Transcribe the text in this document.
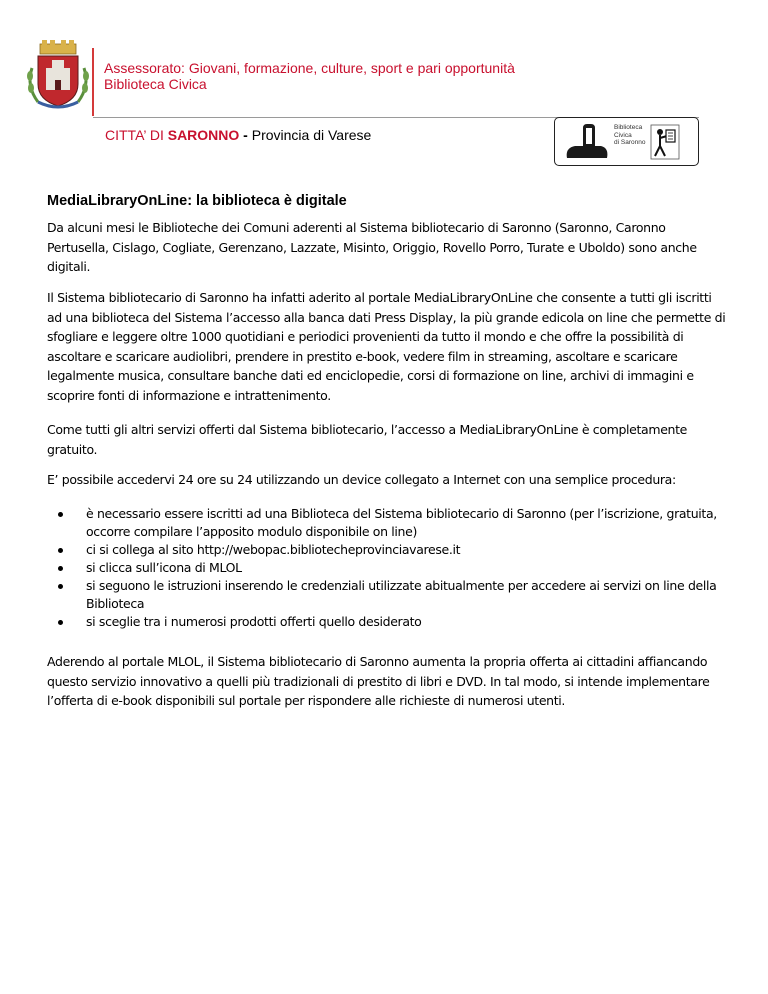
Assessorato: Giovani, formazione, culture, sport e pari opportunità
Biblioteca Civica
CITTA’ DI SARONNO - Provincia di Varese	Biblioteca
Civica
di Saronno
MediaLibraryOnLine: la biblioteca è digitale

Da alcuni mesi le Biblioteche dei Comuni aderenti al Sistema bibliotecario di Saronno (Saronno, Caronno Pertusella, Cislago, Cogliate, Gerenzano, Lazzate, Misinto, Origgio, Rovello Porro, Turate e Uboldo) sono anche digitali.

Il Sistema bibliotecario di Saronno ha infatti aderito al portale MediaLibraryOnLine che consente a tutti gli iscritti ad una biblioteca del Sistema l’accesso alla banca dati Press Display, la più grande edicola on line che permette di sfogliare e leggere oltre 1000 quotidiani e periodici provenienti da tutto il mondo e che offre la possibilità di ascoltare e scaricare audiolibri, prendere in prestito e-book, vedere film in streaming, ascoltare e scaricare legalmente musica, consultare banche dati ed enciclopedie, corsi di formazione on line, archivi di immagini e scoprire fonti di informazione e intrattenimento.

Come tutti gli altri servizi offerti dal Sistema bibliotecario, l’accesso a MediaLibraryOnLine è completamente gratuito.

E’ possibile accedervi 24 ore su 24 utilizzando un device collegato a Internet con una semplice procedura:

è necessario essere iscritti ad una Biblioteca del Sistema bibliotecario di Saronno (per l’iscrizione, gratuita, occorre compilare l’apposito modulo disponibile on line)
ci si collega al sito http://webopac.bibliotecheprovinciavarese.it
si clicca sull’icona di MLOL
si seguono le istruzioni inserendo le credenziali utilizzate abitualmente per accedere ai servizi on line della Biblioteca
si sceglie tra i numerosi prodotti offerti quello desiderato

Aderendo al portale MLOL, il Sistema bibliotecario di Saronno aumenta la propria offerta ai cittadini affiancando questo servizio innovativo a quelli più tradizionali di prestito di libri e DVD. In tal modo, si intende implementare l’offerta di e-book disponibili sul portale per rispondere alle richieste di numerosi utenti.
